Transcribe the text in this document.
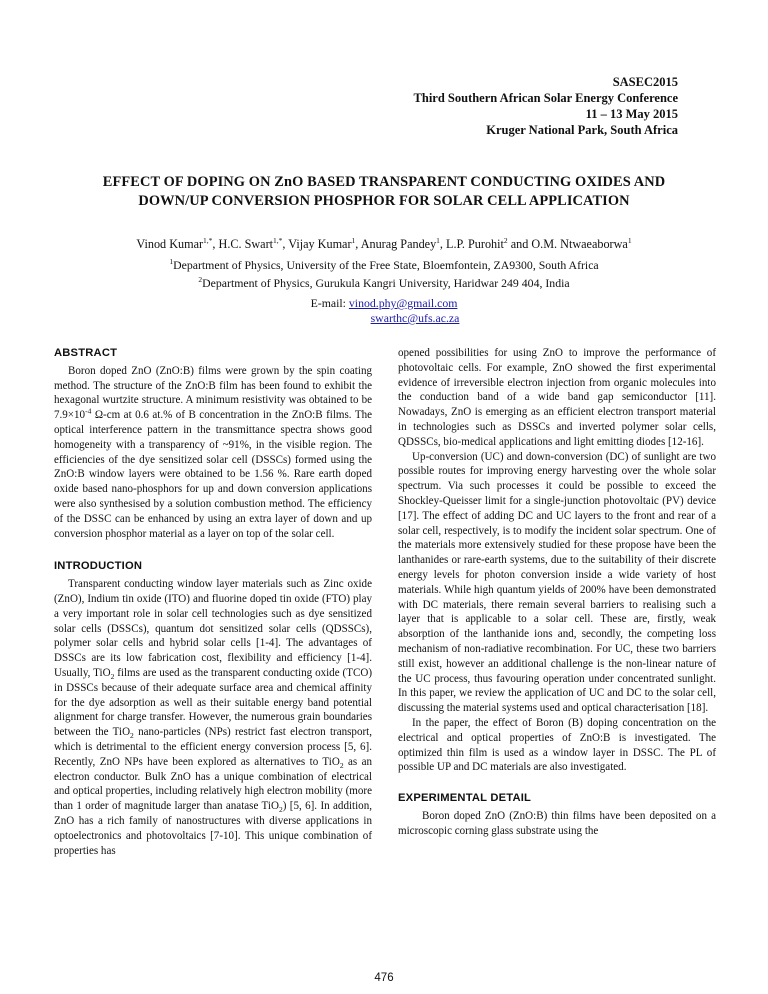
SASEC2015
Third Southern African Solar Energy Conference
11 – 13 May 2015
Kruger National Park, South Africa
EFFECT OF DOPING ON ZnO BASED TRANSPARENT CONDUCTING OXIDES AND
DOWN/UP CONVERSION PHOSPHOR FOR SOLAR CELL APPLICATION
Vinod Kumar$^{1,*}$, H.C. Swart$^{1,*}$, Vijay Kumar$^1$, Anurag Pandey$^1$, L.P. Purohit$^2$ and O.M. Ntwaeaborwa$^1$
$^1$Department of Physics, University of the Free State, Bloemfontein, ZA9300, South Africa
$^2$Department of Physics, Gurukula Kangri University, Haridwar 249 404, India
E-mail: vinod.phy@gmail.com
swarthc@ufs.ac.za
ABSTRACT

Boron doped ZnO (ZnO:B) films were grown by the spin coating method. The structure of the ZnO:B film has been found to exhibit the hexagonal wurtzite structure. A minimum resistivity was obtained to be $7.9\times 10^{-4}$ Ω-cm at 0.6 at.% of B concentration in the ZnO:B films. The optical interference pattern in the transmittance spectra shows good homogeneity with a transparency of ~91%, in the visible region. The efficiencies of the dye sensitized solar cell (DSSCs) formed using the ZnO:B window layers were obtained to be 1.56 %. Rare earth doped oxide based nano-phosphors for up and down conversion applications were also synthesised by a solution combustion method. The efficiency of the DSSC can be enhanced by using an extra layer of down and up conversion phosphor material as a layer on top of the solar cell.

INTRODUCTION

Transparent conducting window layer materials such as Zinc oxide (ZnO), Indium tin oxide (ITO) and fluorine doped tin oxide (FTO) play a very important role in solar cell technologies such as dye sensitized solar cells (DSSCs), quantum dot sensitized solar cells (QDSSCs), polymer solar cells and hybrid solar cells [1-4]. The advantages of DSSCs are its low fabrication cost, flexibility and efficiency [1-4]. Usually, TiO$_2$ films are used as the transparent conducting oxide (TCO) in DSSCs because of their adequate surface area and chemical affinity for the dye adsorption as well as their suitable energy band potential alignment for charge transfer. However, the numerous grain boundaries between the TiO$_2$ nano-particles (NPs) restrict fast electron transport, which is detrimental to the efficient energy conversion process [5, 6]. Recently, ZnO NPs have been explored as alternatives to TiO$_2$ as an electron conductor. Bulk ZnO has a unique combination of electrical and optical properties, including relatively high electron mobility (more than 1 order of magnitude larger than anatase TiO$_2$) [5, 6]. In addition, ZnO has a rich family of nanostructures with diverse applications in optoelectronics and photovoltaics [7-10]. This unique combination of properties has

opened possibilities for using ZnO to improve the performance of photovoltaic cells. For example, ZnO showed the first experimental evidence of irreversible electron injection from organic molecules into the conduction band of a wide band gap semiconductor [11]. Nowadays, ZnO is emerging as an efficient electron transport material in technologies such as DSSCs and inverted polymer solar cells, QDSSCs, bio-medical applications and light emitting diodes [12-16].

Up-conversion (UC) and down-conversion (DC) of sunlight are two possible routes for improving energy harvesting over the whole solar spectrum. Via such processes it could be possible to exceed the Shockley-Queisser limit for a single-junction photovoltaic (PV) device [17]. The effect of adding DC and UC layers to the front and rear of a solar cell, respectively, is to modify the incident solar spectrum. One of the materials more extensively studied for these propose have been the lanthanides or rare-earth systems, due to the suitability of their discrete energy levels for photon conversion inside a wide variety of host materials. While high quantum yields of 200% have been demonstrated with DC materials, there remain several barriers to realising such a layer that is applicable to a solar cell. These are, firstly, weak absorption of the lanthanide ions and, secondly, the competing loss mechanism of non-radiative recombination. For UC, these two barriers still exist, however an additional challenge is the non-linear nature of the UC process, thus favouring operation under concentrated sunlight. In this paper, we review the application of UC and DC to the solar cell, discussing the material systems used and optical characterisation [18].

In the paper, the effect of Boron (B) doping concentration on the electrical and optical properties of ZnO:B is investigated. The optimized thin film is used as a window layer in DSSC. The PL of possible UP and DC materials are also investigated.

EXPERIMENTAL DETAIL

Boron doped ZnO (ZnO:B) thin films have been deposited on a microscopic corning glass substrate using the

476
